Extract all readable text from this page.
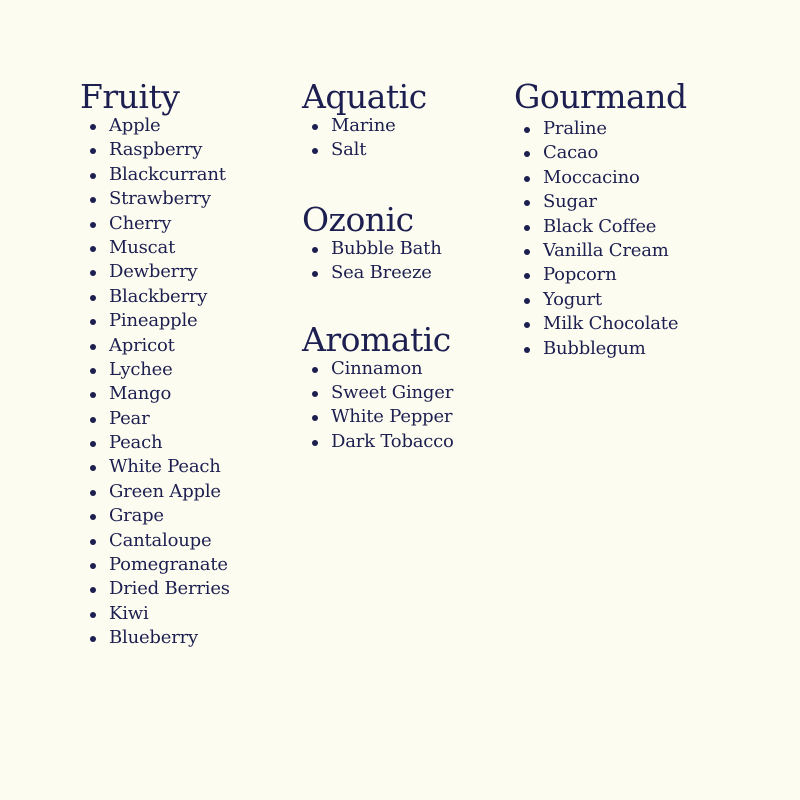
Fruity
Apple
Raspberry
Blackcurrant
Strawberry
Cherry
Muscat
Dewberry
Blackberry
Pineapple
Apricot
Lychee
Mango
Pear
Peach
White Peach
Green Apple
Grape
Cantaloupe
Pomegranate
Dried Berries
Kiwi
Blueberry
Aquatic
Marine
Salt
Ozonic
Bubble Bath
Sea Breeze
Aromatic
Cinnamon
Sweet Ginger
White Pepper
Dark Tobacco
Gourmand
Praline
Cacao
Moccacino
Sugar
Black Coffee
Vanilla Cream
Popcorn
Yogurt
Milk Chocolate
Bubblegum
